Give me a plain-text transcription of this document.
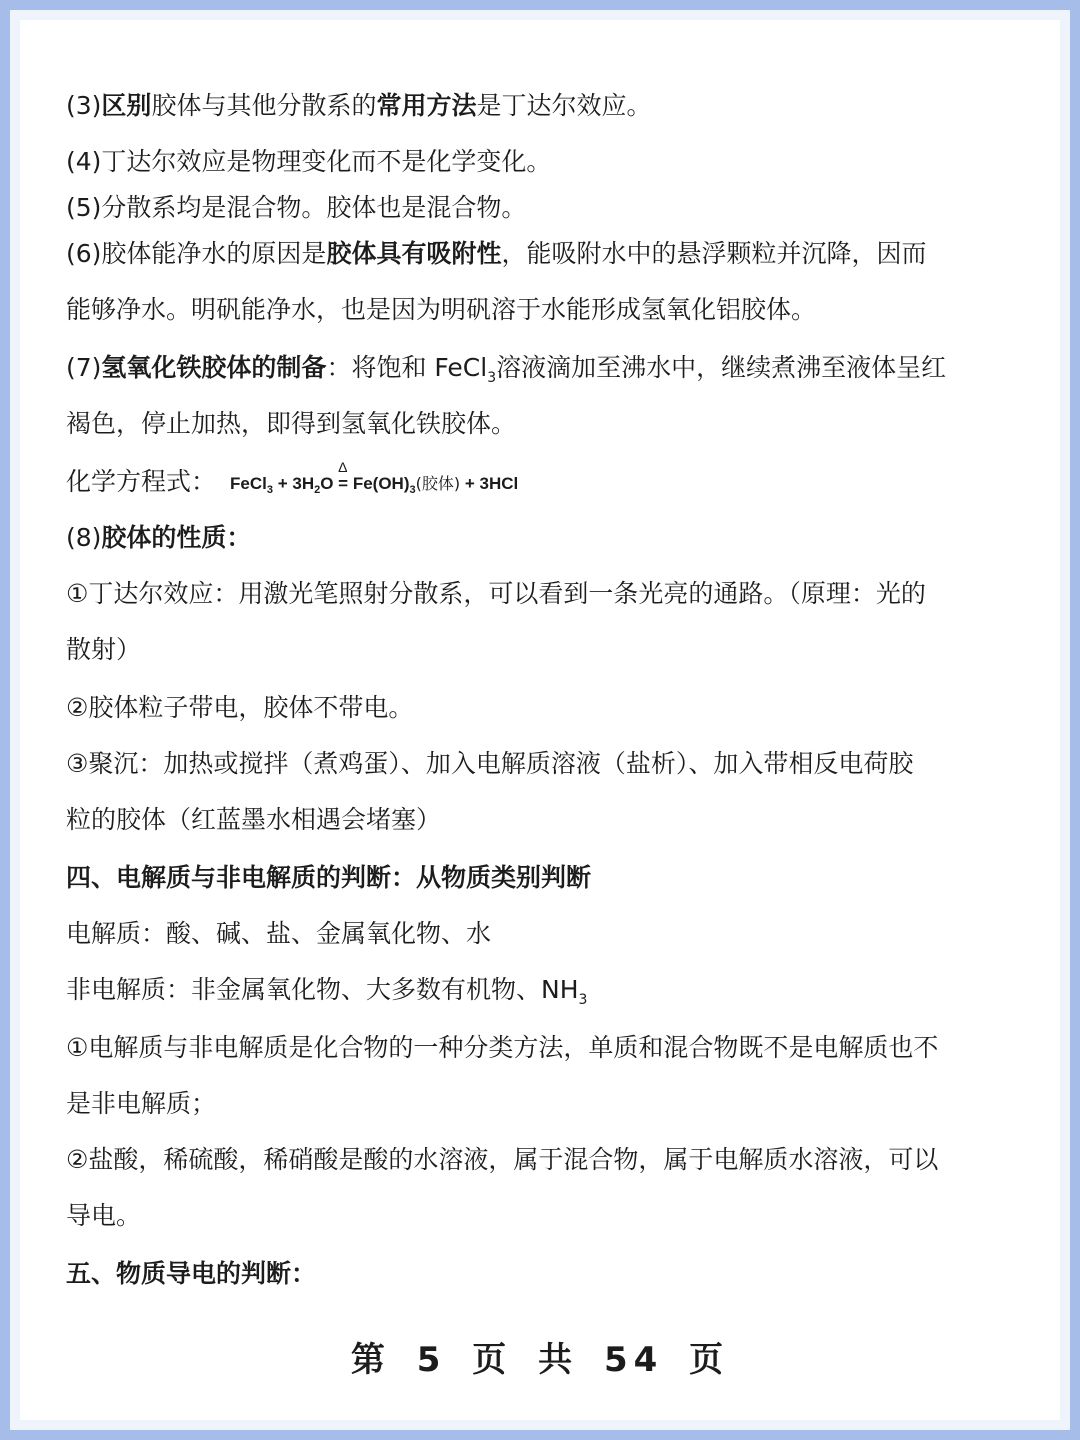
(3)区别胶体与其他分散系的常用方法是丁达尔效应。
(4)丁达尔效应是物理变化而不是化学变化。
(5)分散系均是混合物。胶体也是混合物。
(6)胶体能净水的原因是胶体具有吸附性，能吸附水中的悬浮颗粒并沉降，因而
能够净水。明矾能净水，也是因为明矾溶于水能形成氢氧化铝胶体。
(7)氢氧化铁胶体的制备：将饱和 FeCl$_3$溶液滴加至沸水中，继续煮沸至液体呈红
褐色，停止加热，即得到氢氧化铁胶体。
化学方程式： FeCl$_3$ + $3H_2O$
Δ
= $Fe(OH)_3$(胶体) + 3HCl
(8)胶体的性质：
①丁达尔效应：用激光笔照射分散系，可以看到一条光亮的通路。（原理：光的
散射）
②胶体粒子带电，胶体不带电。
③聚沉：加热或搅拌（煮鸡蛋）、加入电解质溶液（盐析）、加入带相反电荷胶
粒的胶体（红蓝墨水相遇会堵塞）
四、电解质与非电解质的判断：从物质类别判断
电解质：酸、碱、盐、金属氧化物、水
非电解质：非金属氧化物、大多数有机物、$NH_3$
①电解质与非电解质是化合物的一种分类方法，单质和混合物既不是电解质也不
是非电解质；
②盐酸，稀硫酸，稀硝酸是酸的水溶液，属于混合物，属于电解质水溶液，可以
导电。
五、物质导电的判断：
第 5 页 共 54 页
